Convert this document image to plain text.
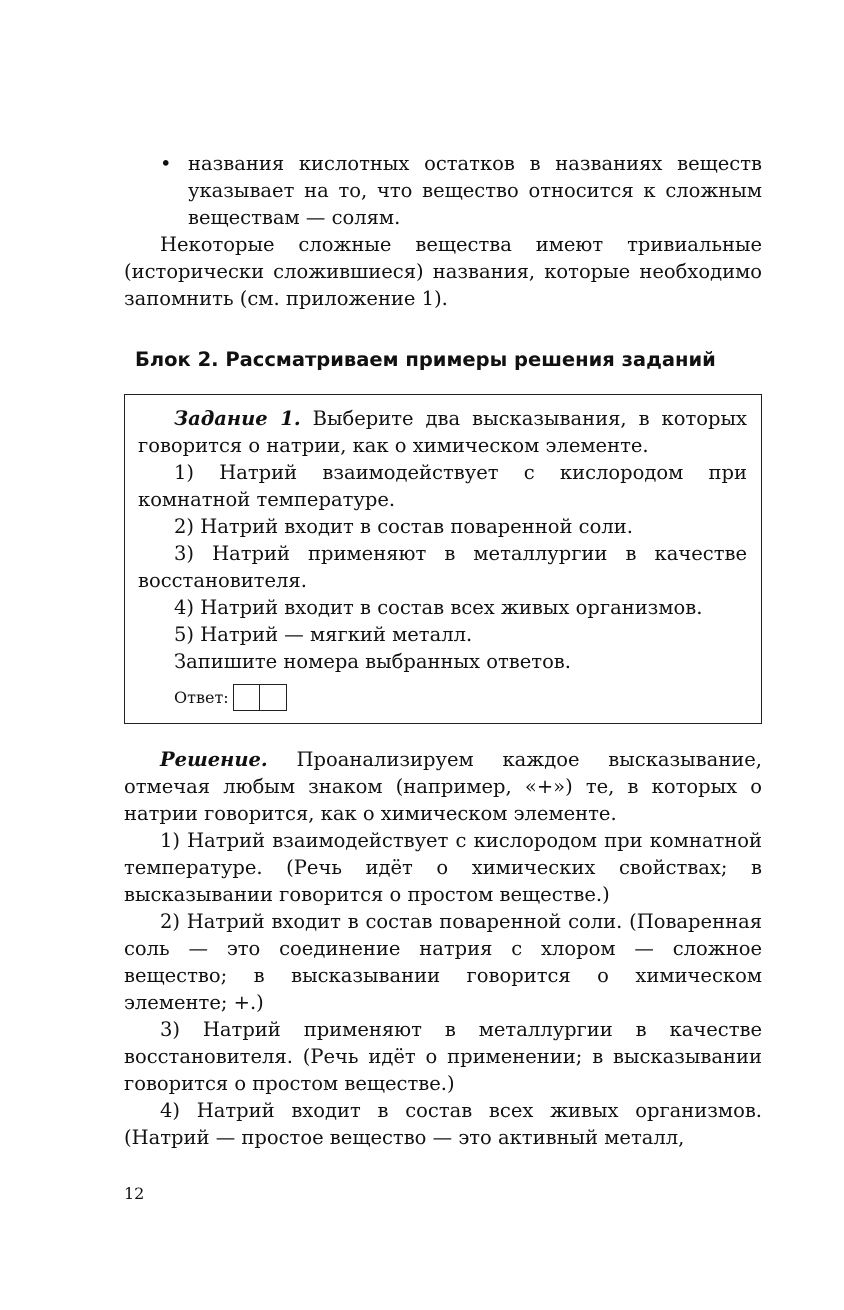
• названия кислотных остатков в названиях веществ указывает на то, что вещество относится к сложным веществам — солям.

Некоторые сложные вещества имеют тривиальные (исторически сложившиеся) названия, которые необходимо запомнить (см. приложение 1).

Блок 2. Рассматриваем примеры решения заданий

Задание 1. Выберите два высказывания, в которых говорится о натрии, как о химическом элементе.

1) Натрий взаимодействует с кислородом при комнатной температуре.

2) Натрий входит в состав поваренной соли.

3) Натрий применяют в металлургии в качестве восстановителя.

4) Натрий входит в состав всех живых организмов.

5) Натрий — мягкий металл.

Запишите номера выбранных ответов.

Ответ:

Решение. Проанализируем каждое высказывание, отмечая любым знаком (например, «+») те, в которых о натрии говорится, как о химическом элементе.

1) Натрий взаимодействует с кислородом при комнатной температуре. (Речь идёт о химических свойствах; в высказывании говорится о простом веществе.)

2) Натрий входит в состав поваренной соли. (Поваренная соль — это соединение натрия с хлором — сложное вещество; в высказывании говорится о химическом элементе; +.)

3) Натрий применяют в металлургии в качестве восстановителя. (Речь идёт о применении; в высказывании говорится о простом веществе.)

4) Натрий входит в состав всех живых организмов. (Натрий — простое вещество — это активный металл,

12
